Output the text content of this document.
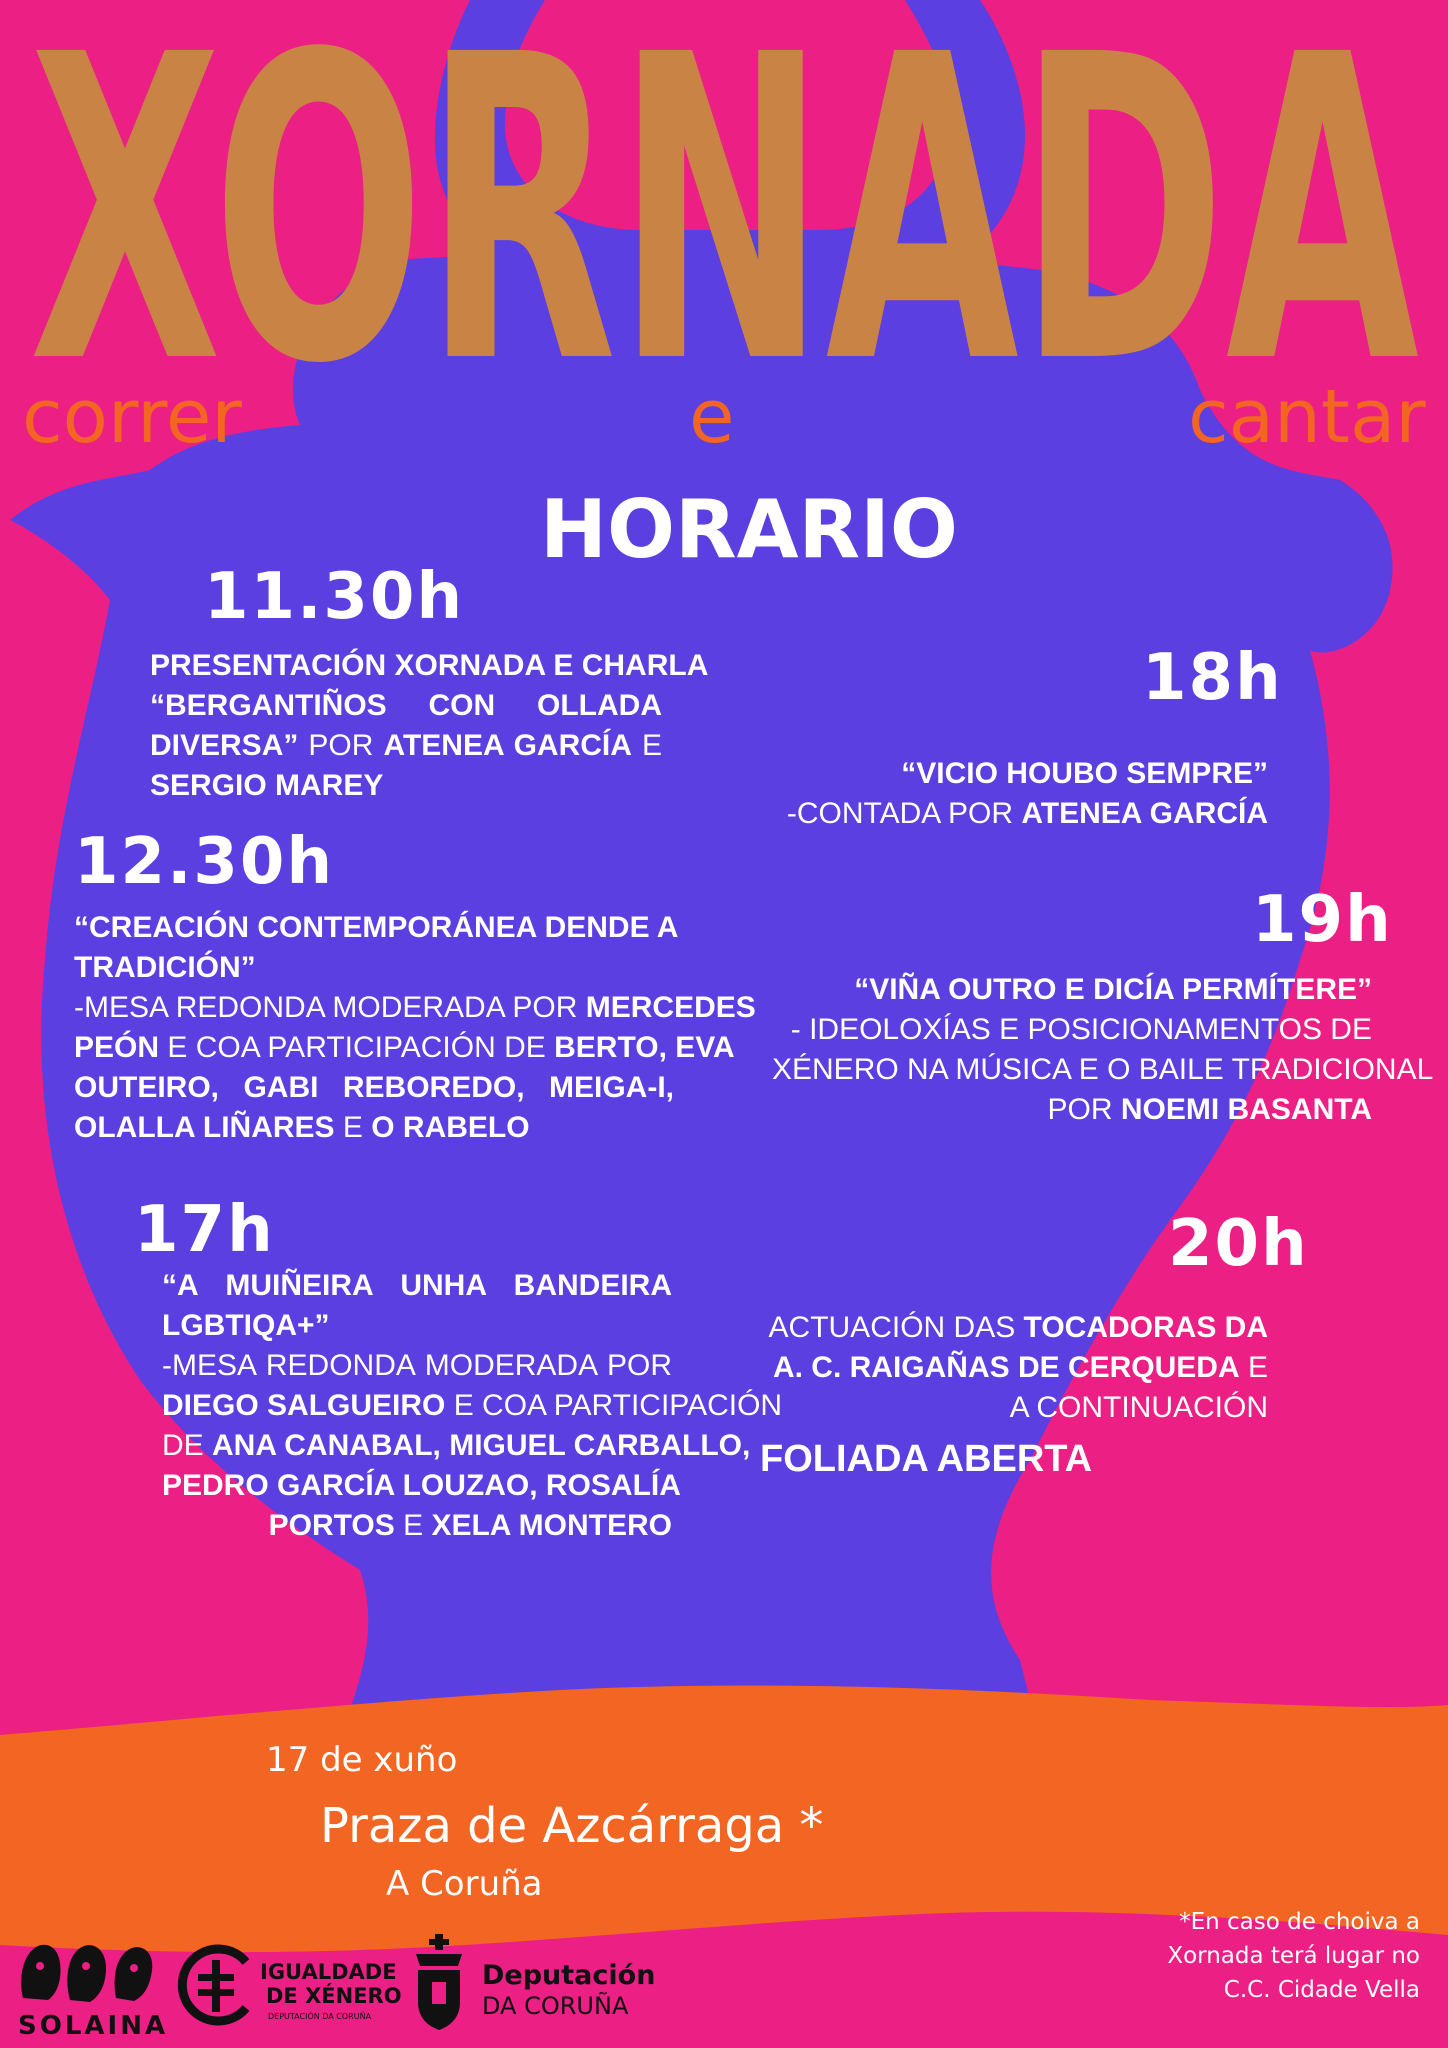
XORNADA
correr	e	cantar
HORARIO
11.30h
PRESENTACIÓN XORNADA E CHARLA
“BERGANTIÑOS CON OLLADA
DIVERSA” POR ATENEA GARCÍA E
SERGIO MAREY
12.30h
“CREACIÓN CONTEMPORÁNEA DENDE A
TRADICIÓN”
-MESA REDONDA MODERADA POR MERCEDES
PEÓN E COA PARTICIPACIÓN DE BERTO, EVA
OUTEIRO, GABI REBOREDO, MEIGA-I,
OLALLA LIÑARES E O RABELO
17h
“A MUIÑEIRA UNHA BANDEIRA
LGBTIQA+”
-MESA REDONDA MODERADA POR
DIEGO SALGUEIRO E COA PARTICIPACIÓN
DE ANA CANABAL, MIGUEL CARBALLO,
PEDRO GARCÍA LOUZAO, ROSALÍA
PORTOS E XELA MONTERO
18h
“VICIO HOUBO SEMPRE”
-CONTADA POR ATENEA GARCÍA
19h
“VIÑA OUTRO E DICÍA PERMÍTERE”
- IDEOLOXÍAS E POSICIONAMENTOS DE
XÉNERO NA MÚSICA E O BAILE TRADICIONAL
POR NOEMI BASANTA
20h
ACTUACIÓN DAS TOCADORAS DA
A. C. RAIGAÑAS DE CERQUEDA E
A CONTINUACIÓN
FOLIADA ABERTA
17 de xuño
Praza de Azcárraga *
A Coruña
*En caso de choiva a
Xornada terá lugar no
C.C. Cidade Vella
SOLAINA
IGUALDADE
DE XÉNERO
DEPUTACIÓN DA CORUÑA
Deputación
DA CORUÑA
